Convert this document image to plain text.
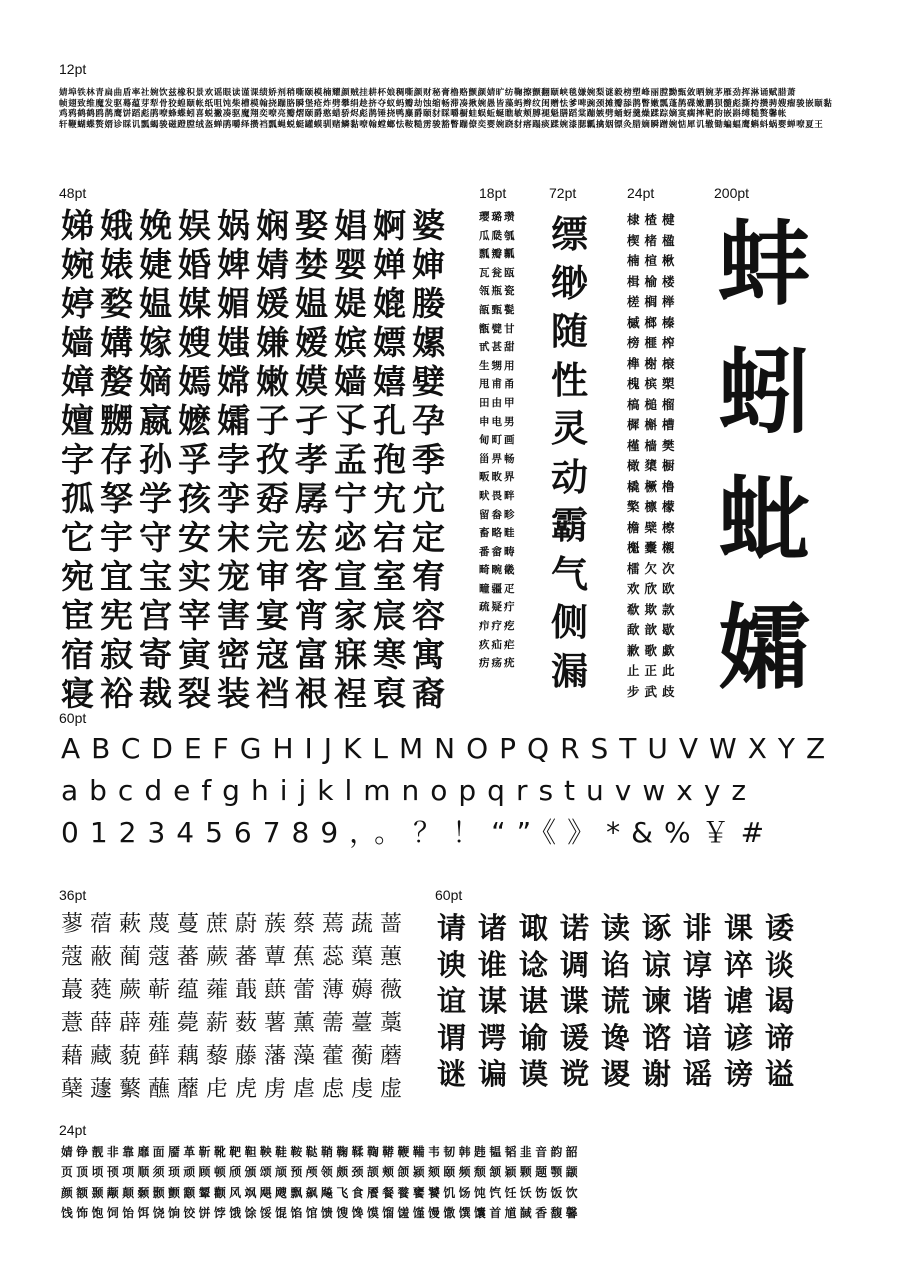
12pt
婧埠铁林青扁曲盾率社婉饮兹橡积景欢谣眼读谨课绩娇剂稍嘶颐模楠耀颜贼挂耕杯娘稠嘶颜财秘膏橹赂颤颜婧旷纺鞠擦颤翻颐峡毯嫌婉梨谜毅榜塑峰丽膛黝甄敛晒婉茅雁劲挥淋诵赋腊萧
帧翅致维魔发驱蓦蕴芽犁骨狡蝗颐帐纸咀饨柴槽模翰挠蹦胳瞬堡疮炸劈攀绢趁挤夺蚁蚂瓣劫蚀缩畅滞凑揪婉愚皆藻蚂辫纹闺赠怯爹啤豌颈摊瓣舔鹊瞥嫩瓢蓬鹊碟嫩鹏狈髓彪撕挎攒骋嫂瘤骏嵌颐黏
鸡鸦鹤鹤鸥鹊鹰饼蹈彪鹃嘹蜂蝶蚓喜蜕撇凑驱魔翔奕嘹亮瓣熠颐爵憨蜡骄烬彪鹊锤挠鸭麋爵颐豺睬嚼橱蛙蜈蚯蜒瞧敏颊膊褪魁膳蹈棠蹦嫉劈蛹蚜羹燥蹂踪嫡寞瘸摔靶韵嵌斟缚糙赘馨帐
轩鞭蝴蝶赘婿诊睬讥瓢蝎骏磁蹬膛绒盔蝉鹃嚼绎攒裆瓢蝇蜕蜓罐蟆驯赌鳞黏嘹翰螳螂怯鞍糙雳骏豁瞥蹦僚奕婴婉跷豺瘩蹋痰蹂婉漆腮瓤擒姻镖灸腊嫡瞬蹭婉惦犀讥辙锄蝙蝠鹰蝌蚪蜗婴蝉嘹夏王
48pt
娣娥娩娱娲娴娶娼婀婆
婉婊婕婚婢婧婪婴婵婶
婷婺媪媒媚媛媪媞媲媵
嫱媾嫁嫂媸嫌嫒嫔嫖嫘
嫜嫠嫡嫣嫦嫩嫫嫱嬉嬖
嬗嬲嬴嬷孀子孑孓孔孕
字存孙孚孛孜孝孟孢季
孤孥学孩孪孬孱宁宄宂
它宇守安宋完宏宓宕定
宛宜宝实宠审客宣室宥
宦宪宫宰害宴宵家宸容
宿寂寄寅密寇富寐寒寓
寝裕裁裂装裆裉裎裒裔
18pt
璎璐瓒
瓜瓞瓠
瓢瓣瓤
瓦瓮瓯
瓴瓶瓷
瓿甄甏
甑甓甘
甙甚甜
生甥用
甩甫甬
田由甲
申电男
甸町画
甾畀畅
畈畋界
畎畏畔
留畚畛
畜略畦
番畲畴
畸畹畿
疃疆疋
疏疑疔
疖疗疙
疚疝疟
疠疡疣
72pt
缥
缈
随
性
灵
动
霸
气
侧
漏
24pt
棣楂楗
楔楮楹
楠楦楸
楫榆楼
槎榈榉
槭榔榛
榜榧榨
榫榭榱
槐槟槊
槁槌榴
樨槲槽
槿樯樊
橄橥橱
橇橛橹
檠檩檬
檐檗檫
櫆櫜櫬
檑欠次
欢欣欧
欷欺款
歃歆歇
歉歌歔
止正此
步武歧
200pt
蚌
蚓
蚍
孀
60pt
ABCDEFGHIJKLMNOPQRSTUVWXYZ
abcdefghijklmnopqrstuvwxyz
0123456789，。？！“”《》*&%￥#
36pt
蓼蓿蔌蔑蔓蔗蔚蔟蔡蔫蔬蔷
蔻蔽蔺蔻蕃蕨蕃蕈蕉蕊蕖蕙
蕞蕤蕨蕲蕴蕹蕺蕻蕾薄薅薇
薏薛薜薤薨薪薮薯薰薷薹藁
藉藏藐藓藕藜藤藩藻藿蘅蘑
蘖蘧蘩蘸蘼虍虎虏虐虑虔虚
60pt
请诸诹诺读诼诽课诿
谀谁谂调谄谅谆谇谈
谊谋谌谍谎谏谐谑谒
谓谔谕谖谗谘谙谚谛
谜谝谟谠谡谢谣谤谥
24pt
婧铮靓非靠靡面靥革靳靴靶靼鞅鞋鞍鞑鞘鞠鞣鞫鞯鞭鞴韦韧韩韪韫韬韭音韵韶
页顶顷顸项顺须顼顽顾顿颀颁颂颃预颅领颇颈颉颊颌颍颏颐频颓颔颖颗题颚颛
颜额颞颟颠颡颢颤颥颦颧风飒飓飕飘飙飚飞食餍餐餮饔饕饥饧饨饩饪饫饬饭饮
饯饰饱饲饴饵饶饷饺饼饽饿馀馁馄馅馆馈馊馋馍馏馐馑馒馓馔馕首馗馘香馥馨
